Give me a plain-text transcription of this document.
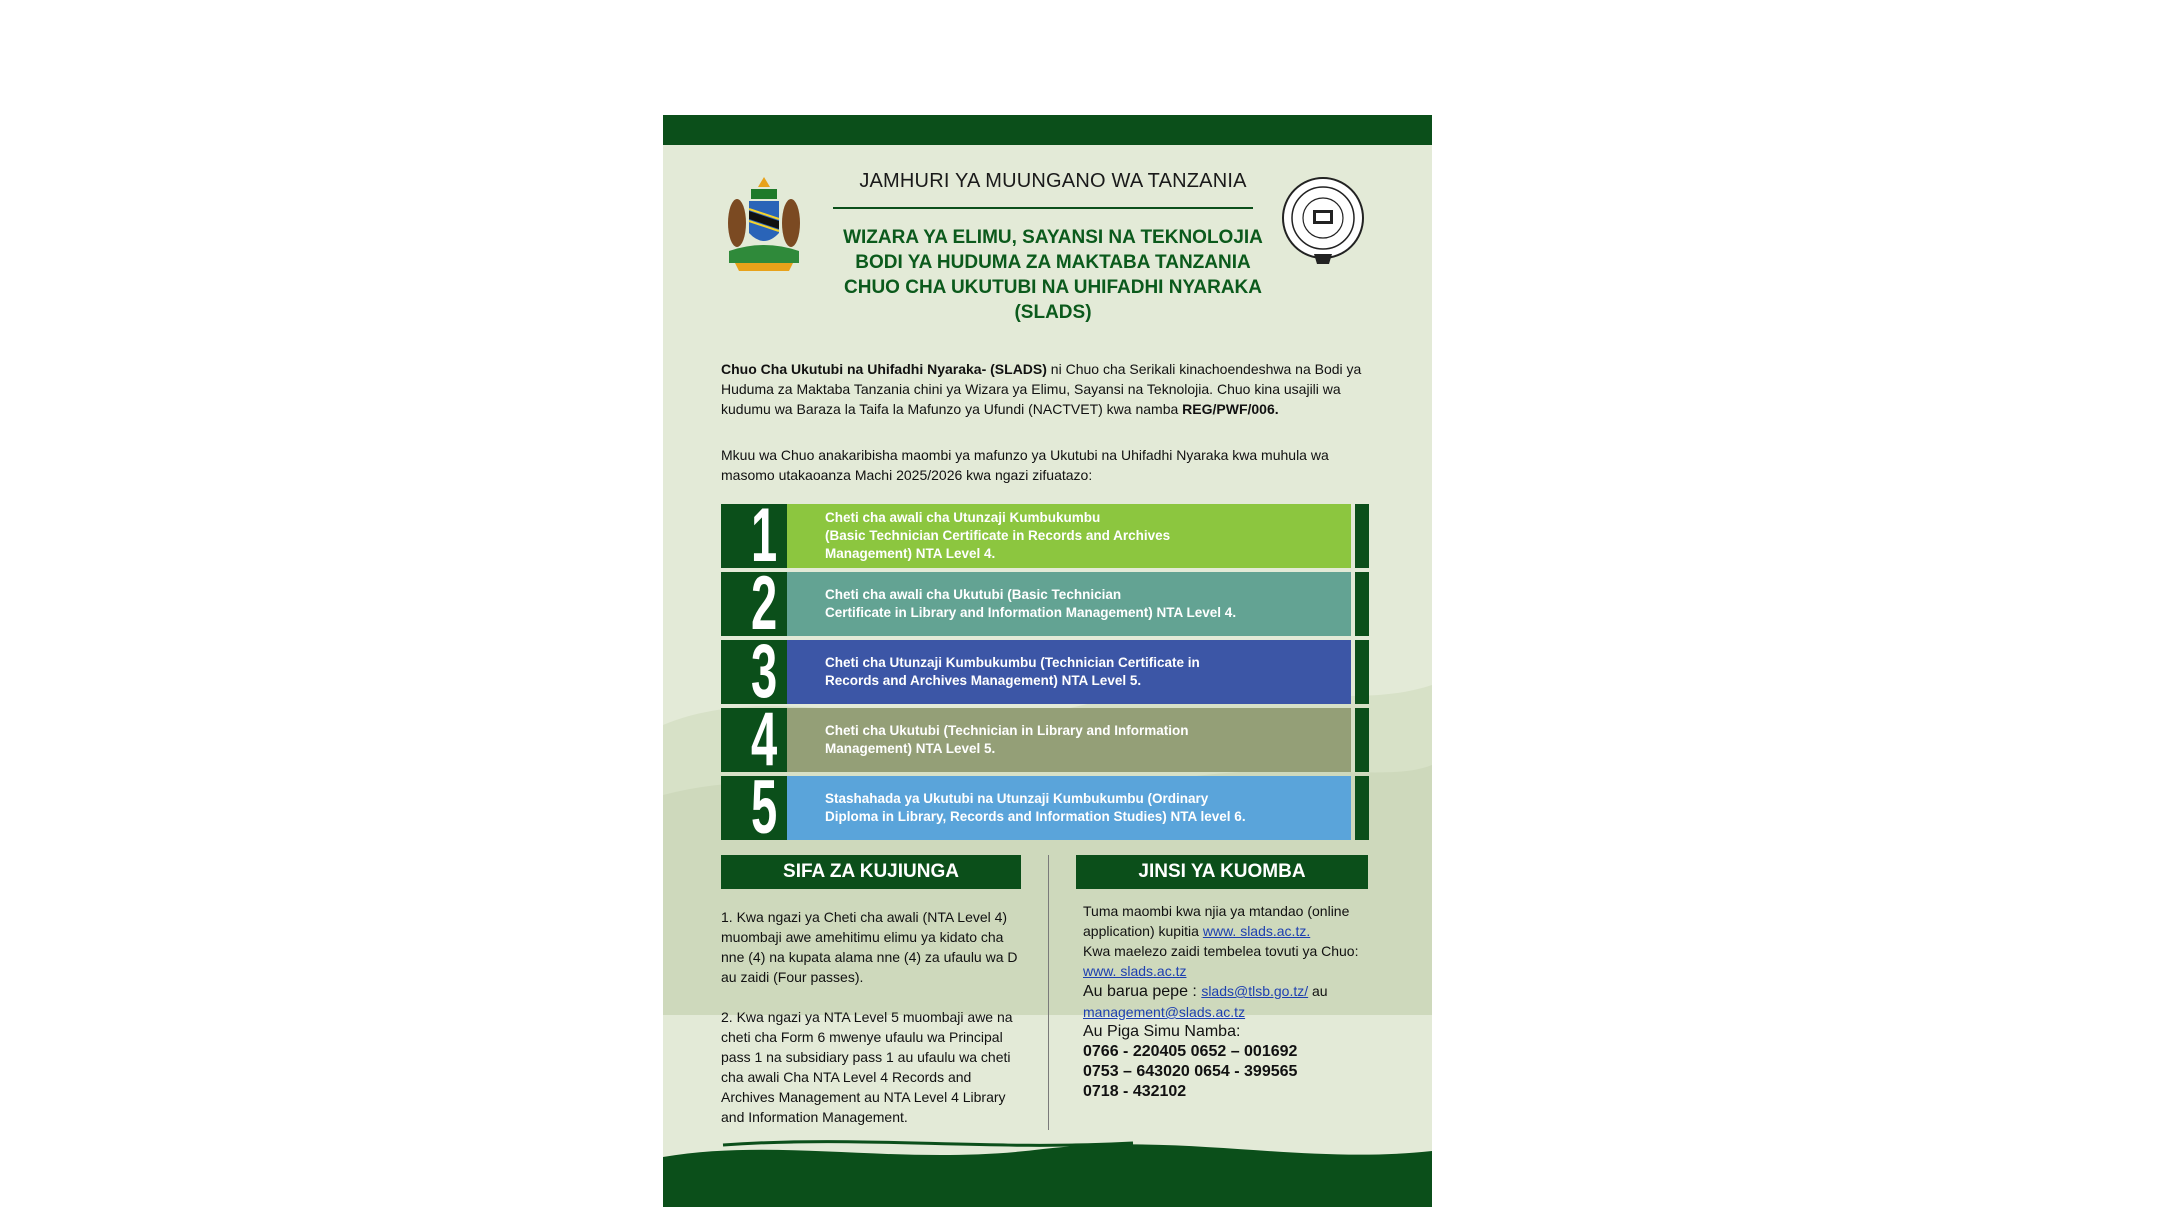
JAMHURI YA MUUNGANO WA TANZANIA
WIZARA YA ELIMU, SAYANSI NA TEKNOLOJIA
BODI YA HUDUMA ZA MAKTABA TANZANIA
CHUO CHA UKUTUBI NA UHIFADHI NYARAKA
(SLADS)
Chuo Cha Ukutubi na Uhifadhi Nyaraka- (SLADS) ni Chuo cha Serikali kinachoendeshwa na Bodi ya Huduma za Maktaba Tanzania chini ya Wizara ya Elimu, Sayansi na Teknolojia. Chuo kina usajili wa kudumu wa Baraza la Taifa la Mafunzo ya Ufundi (NACTVET) kwa namba REG/PWF/006.
Mkuu wa Chuo anakaribisha maombi ya mafunzo ya Ukutubi na Uhifadhi Nyaraka kwa muhula wa masomo utakaoanza Machi 2025/2026 kwa ngazi zifuatazo:
1	Cheti cha awali cha Utunzaji Kumbukumbu
(Basic Technician Certificate in Records and Archives
Management) NTA Level 4.
2	Cheti cha awali cha Ukutubi (Basic Technician
Certificate in Library and Information Management) NTA Level 4.
3	Cheti cha Utunzaji Kumbukumbu (Technician Certificate in
Records and Archives Management) NTA Level 5.
4	Cheti cha Ukutubi (Technician in Library and Information
Management) NTA Level 5.
5	Stashahada ya Ukutubi na Utunzaji Kumbukumbu (Ordinary
Diploma in Library, Records and Information Studies) NTA level 6.
SIFA ZA KUJIUNGA	JINSI YA KUOMBA

1. Kwa ngazi ya Cheti cha awali (NTA Level 4) muombaji awe amehitimu elimu ya kidato cha nne (4) na kupata alama nne (4) za ufaulu wa D au zaidi (Four passes).

2. Kwa ngazi ya NTA Level 5 muombaji awe na cheti cha Form 6 mwenye ufaulu wa Principal pass 1 na subsidiary pass 1 au ufaulu wa cheti cha awali Cha NTA Level 4 Records and Archives Management au NTA Level 4 Library and Information Management.

Tuma maombi kwa njia ya mtandao (online application) kupitia www. slads.ac.tz.
Kwa maelezo zaidi tembelea tovuti ya Chuo:
www. slads.ac.tz
Au barua pepe : slads@tlsb.go.tz/ au
management@slads.ac.tz
Au Piga Simu Namba:
0766 - 220405 0652 – 001692
0753 – 643020 0654 - 399565
0718 - 432102
